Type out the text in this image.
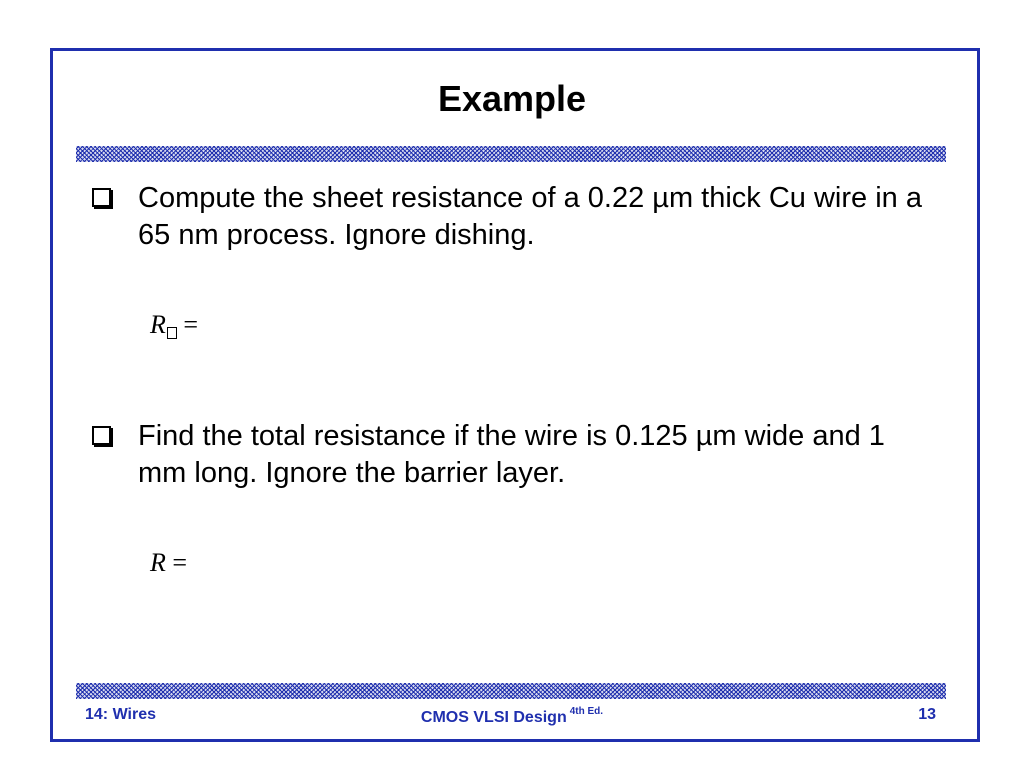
Example
Compute the sheet resistance of a 0.22 µm thick Cu wire in a 65 nm process. Ignore dishing.
R =
Find the total resistance if the wire is 0.125 µm wide and 1 mm long. Ignore the barrier layer.
R =
14: Wires	CMOS VLSI Design $^{4th Ed.}$	13
